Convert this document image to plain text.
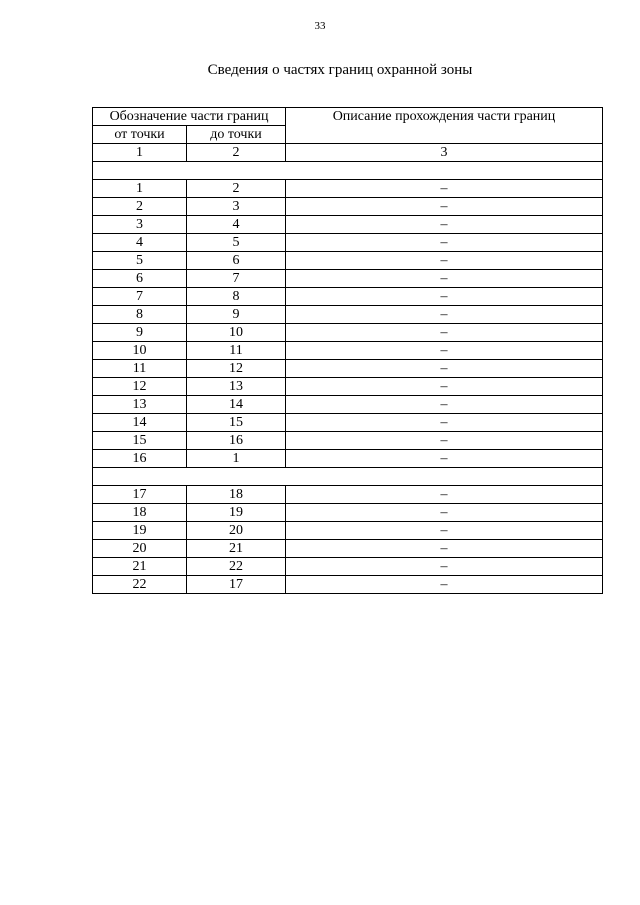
33
Сведения о частях границ охранной зоны
Обозначение части границ		Описание прохождения части границ
от точки	до точки	
1	2	3

1	2	–
2	3	–
3	4	–
4	5	–
5	6	–
6	7	–
7	8	–
8	9	–
9	10	–
10	11	–
11	12	–
12	13	–
13	14	–
14	15	–
15	16	–
16	1	–

17	18	–
18	19	–
19	20	–
20	21	–
21	22	–
22	17	–
